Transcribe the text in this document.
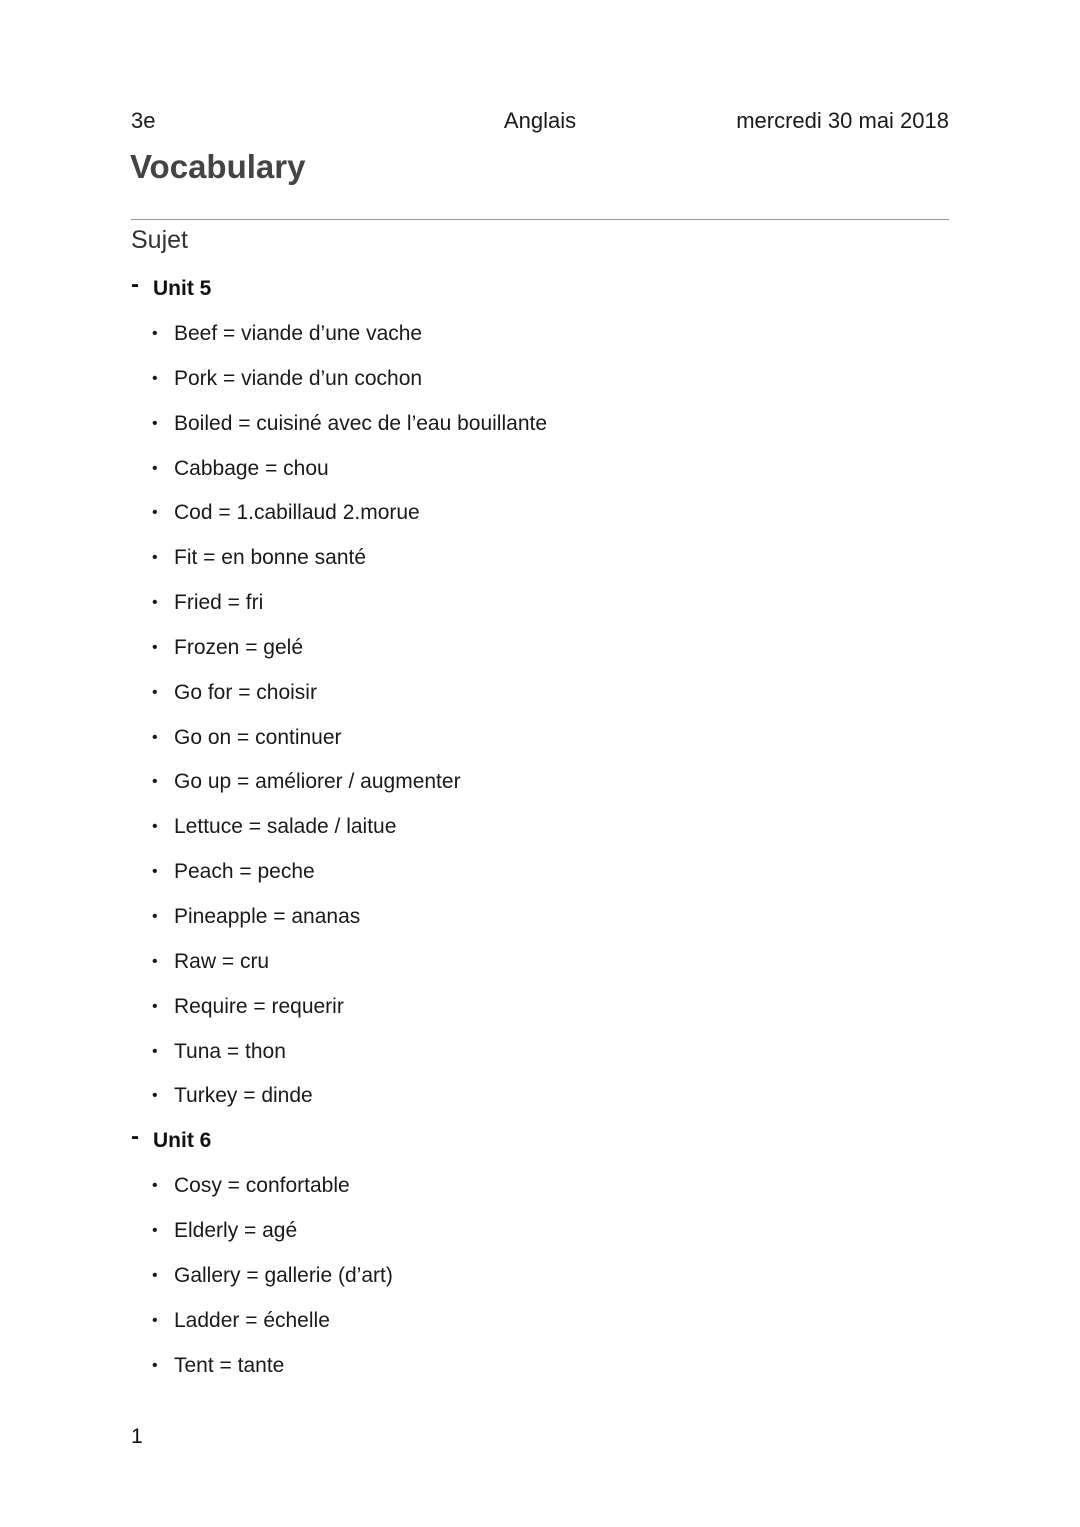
3e	Anglais	mercredi 30 mai 2018
Vocabulary
Sujet
- Unit 5
• Beef = viande d’une vache
• Pork = viande d’un cochon
• Boiled = cuisiné avec de l’eau bouillante
• Cabbage = chou
• Cod = 1.cabillaud 2.morue
• Fit = en bonne santé
• Fried = fri
• Frozen = gelé
• Go for = choisir
• Go on = continuer
• Go up = améliorer / augmenter
• Lettuce = salade / laitue
• Peach = peche
• Pineapple = ananas
• Raw = cru
• Require = requerir
• Tuna = thon
• Turkey = dinde
- Unit 6
• Cosy = confortable
• Elderly = agé
• Gallery = gallerie (d’art)
• Ladder = échelle
• Tent = tante
1
